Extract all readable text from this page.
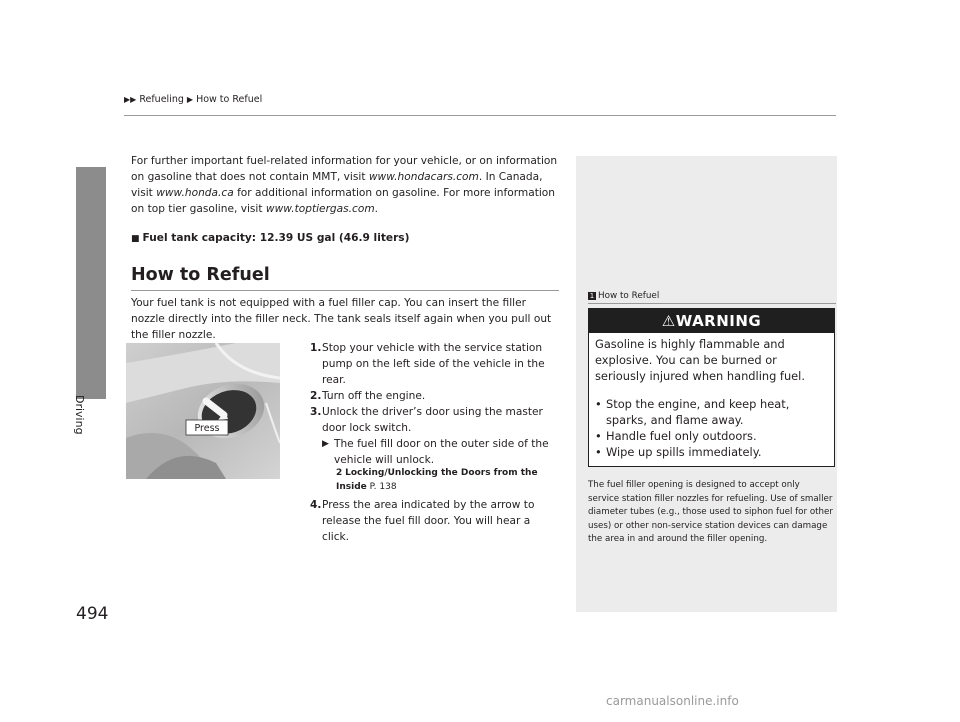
▶▶ Refueling ▶ How to Refuel
Driving
494
For further important fuel-related information for your vehicle, or on information on gasoline that does not contain MMT, visit www.hondacars.com. In Canada, visit www.honda.ca for additional information on gasoline. For more information on top tier gasoline, visit www.toptiergas.com.
■ Fuel tank capacity: 12.39 US gal (46.9 liters)
How to Refuel
Your fuel tank is not equipped with a fuel filler cap. You can insert the filler nozzle directly into the filler neck. The tank seals itself again when you pull out the filler nozzle.
Press
1. Stop your vehicle with the service station pump on the left side of the vehicle in the rear.
2. Turn off the engine.
3. Unlock the driver’s door using the master door lock switch.
▶ The fuel fill door on the outer side of the vehicle will unlock.
2 Locking/Unlocking the Doors from the Inside P. 138
4. Press the area indicated by the arrow to release the fuel fill door. You will hear a click.
1 How to Refuel
⚠WARNING
Gasoline is highly flammable and explosive. You can be burned or seriously injured when handling fuel.
• Stop the engine, and keep heat, sparks, and flame away.
• Handle fuel only outdoors.
• Wipe up spills immediately.
The fuel filler opening is designed to accept only service station filler nozzles for refueling. Use of smaller diameter tubes (e.g., those used to siphon fuel for other uses) or other non-service station devices can damage the area in and around the filler opening.
carmanualsonline.info
